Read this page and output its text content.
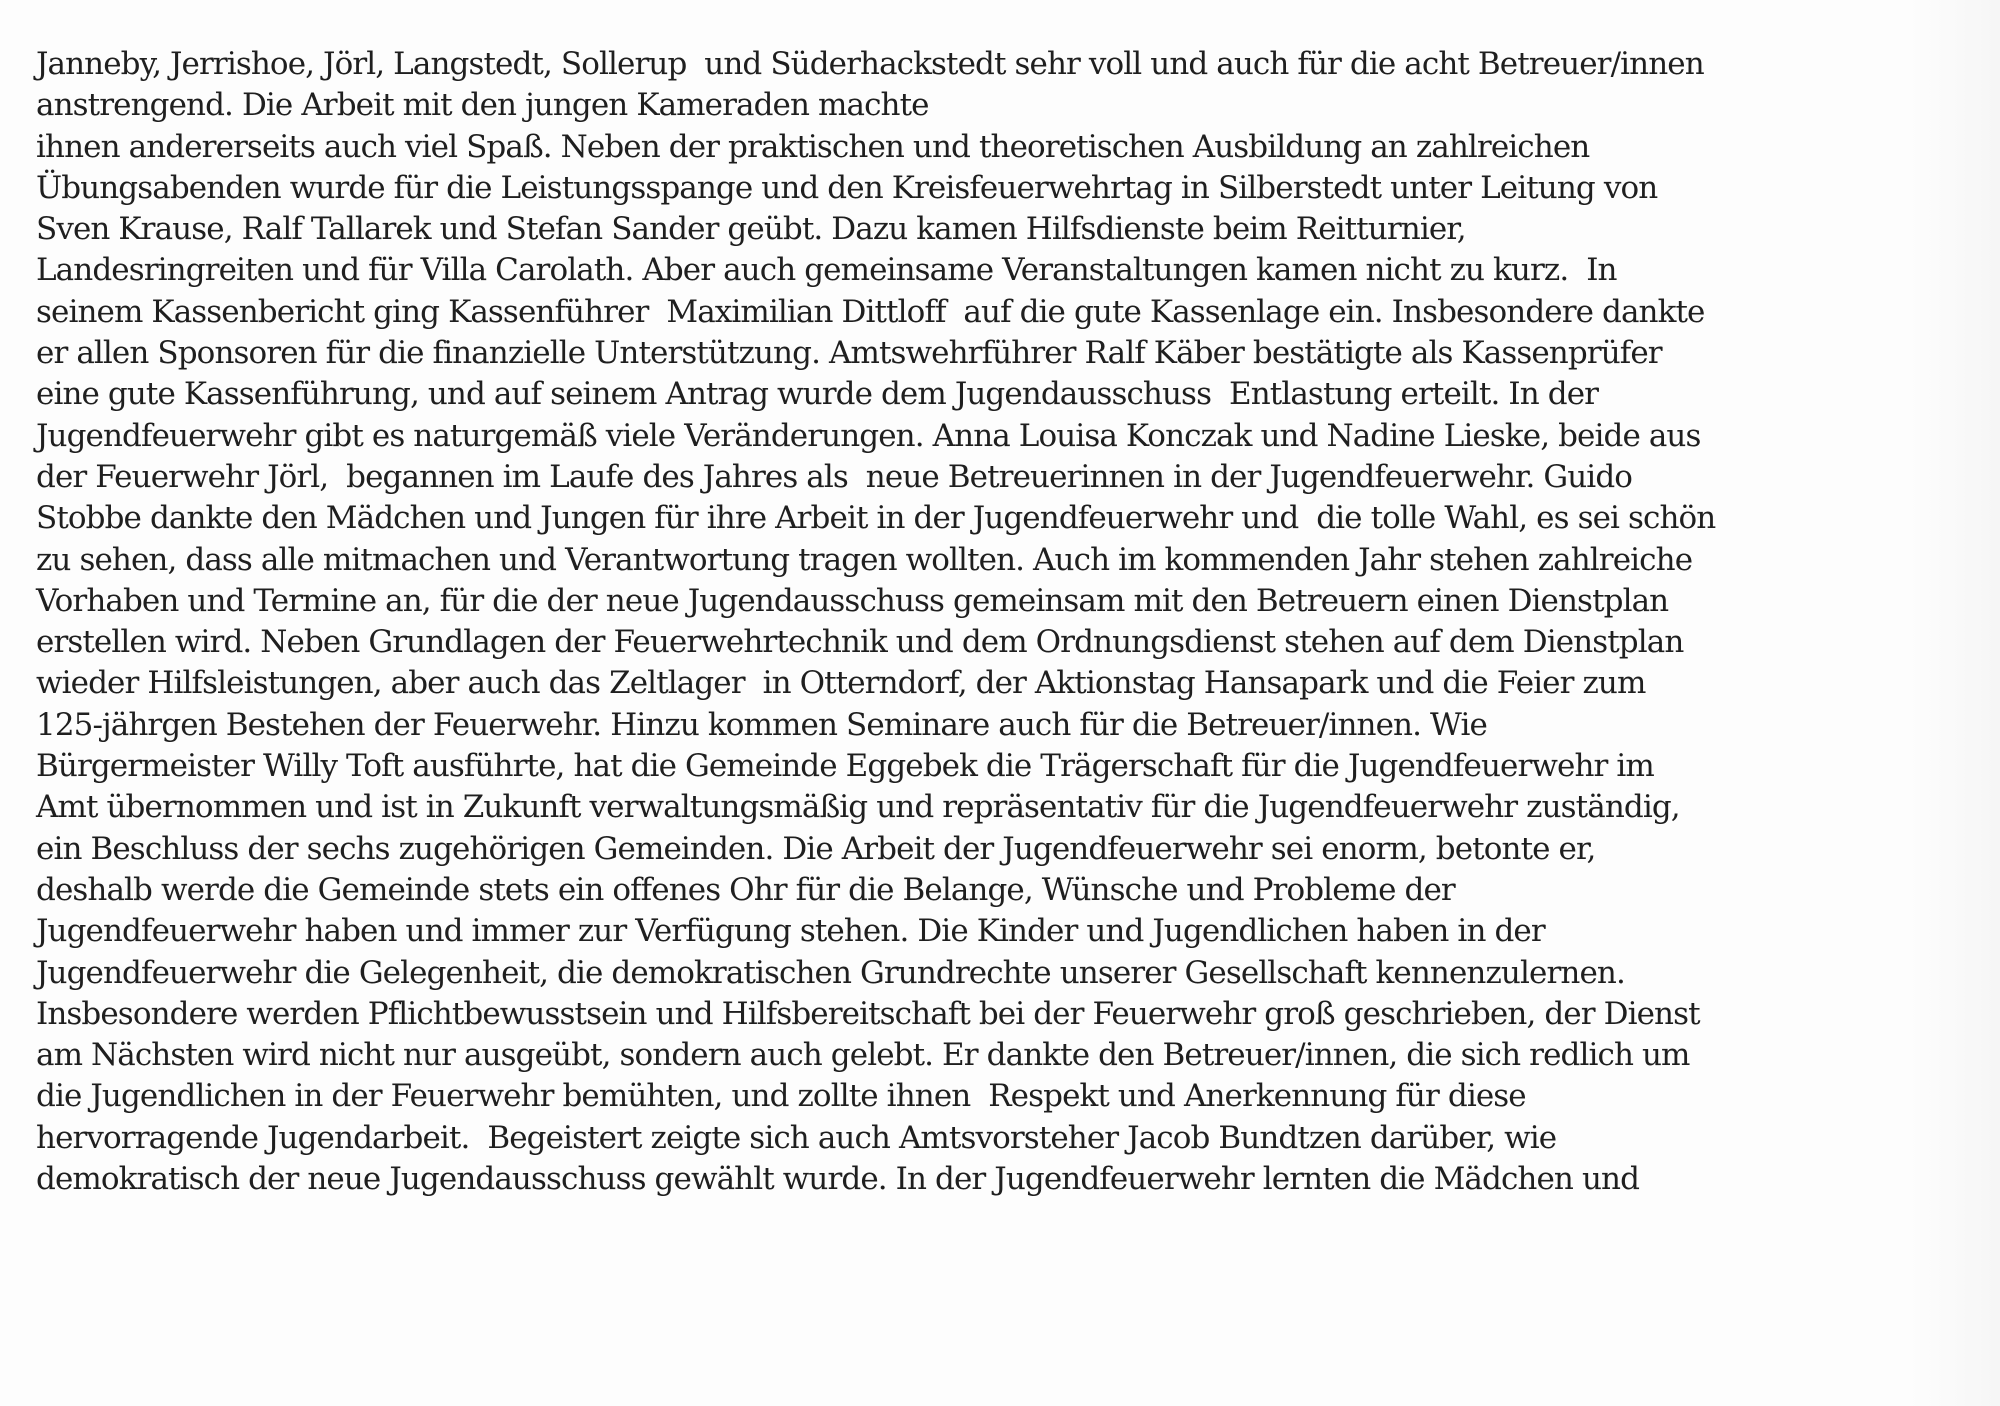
Janneby, Jerrishoe, Jörl, Langstedt, Sollerup  und Süderhackstedt sehr voll und auch für die acht Betreuer/innen
anstrengend. Die Arbeit mit den jungen Kameraden machte
ihnen andererseits auch viel Spaß. Neben der praktischen und theoretischen Ausbildung an zahlreichen
Übungsabenden wurde für die Leistungsspange und den Kreisfeuerwehrtag in Silberstedt unter Leitung von
Sven Krause, Ralf Tallarek und Stefan Sander geübt. Dazu kamen Hilfsdienste beim Reitturnier,
Landesringreiten und für Villa Carolath. Aber auch gemeinsame Veranstaltungen kamen nicht zu kurz.  In
seinem Kassenbericht ging Kassenführer  Maximilian Dittloff  auf die gute Kassenlage ein. Insbesondere dankte
er allen Sponsoren für die finanzielle Unterstützung. Amtswehrführer Ralf Käber bestätigte als Kassenprüfer
eine gute Kassenführung, und auf seinem Antrag wurde dem Jugendausschuss  Entlastung erteilt. In der
Jugendfeuerwehr gibt es naturgemäß viele Veränderungen. Anna Louisa Konczak und Nadine Lieske, beide aus
der Feuerwehr Jörl,  begannen im Laufe des Jahres als  neue Betreuerinnen in der Jugendfeuerwehr. Guido
Stobbe dankte den Mädchen und Jungen für ihre Arbeit in der Jugendfeuerwehr und  die tolle Wahl, es sei schön
zu sehen, dass alle mitmachen und Verantwortung tragen wollten. Auch im kommenden Jahr stehen zahlreiche
Vorhaben und Termine an, für die der neue Jugendausschuss gemeinsam mit den Betreuern einen Dienstplan
erstellen wird. Neben Grundlagen der Feuerwehrtechnik und dem Ordnungsdienst stehen auf dem Dienstplan
wieder Hilfsleistungen, aber auch das Zeltlager  in Otterndorf, der Aktionstag Hansapark und die Feier zum
125-jährgen Bestehen der Feuerwehr. Hinzu kommen Seminare auch für die Betreuer/innen. Wie
Bürgermeister Willy Toft ausführte, hat die Gemeinde Eggebek die Trägerschaft für die Jugendfeuerwehr im
Amt übernommen und ist in Zukunft verwaltungsmäßig und repräsentativ für die Jugendfeuerwehr zuständig,
ein Beschluss der sechs zugehörigen Gemeinden. Die Arbeit der Jugendfeuerwehr sei enorm, betonte er,
deshalb werde die Gemeinde stets ein offenes Ohr für die Belange, Wünsche und Probleme der
Jugendfeuerwehr haben und immer zur Verfügung stehen. Die Kinder und Jugendlichen haben in der
Jugendfeuerwehr die Gelegenheit, die demokratischen Grundrechte unserer Gesellschaft kennenzulernen.
Insbesondere werden Pflichtbewusstsein und Hilfsbereitschaft bei der Feuerwehr groß geschrieben, der Dienst
am Nächsten wird nicht nur ausgeübt, sondern auch gelebt. Er dankte den Betreuer/innen, die sich redlich um
die Jugendlichen in der Feuerwehr bemühten, und zollte ihnen  Respekt und Anerkennung für diese
hervorragende Jugendarbeit.  Begeistert zeigte sich auch Amtsvorsteher Jacob Bundtzen darüber, wie
demokratisch der neue Jugendausschuss gewählt wurde. In der Jugendfeuerwehr lernten die Mädchen und
